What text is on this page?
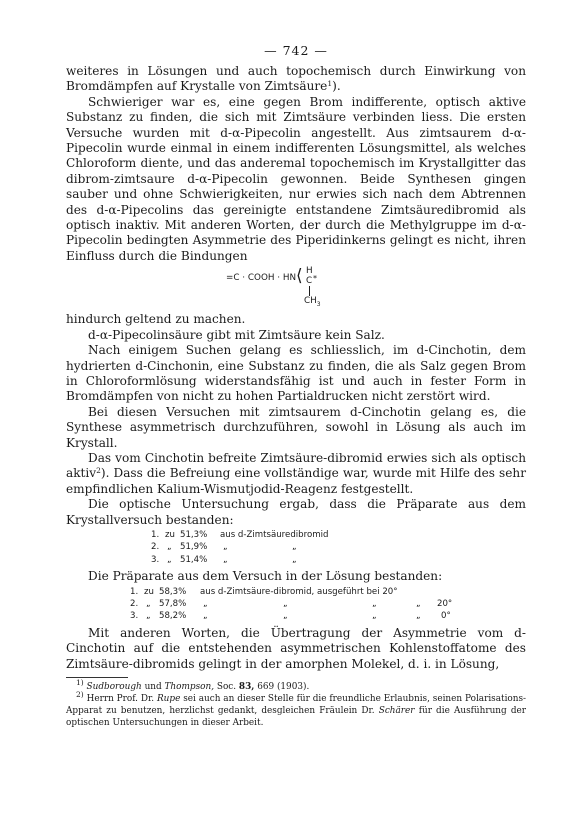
— 742 —

weiteres in Lösungen und auch topochemisch durch Einwirkung von Bromdämpfen auf Krystalle von Zimtsäure$^1$).

Schwieriger war es, eine gegen Brom indifferente, optisch aktive Substanz zu finden, die sich mit Zimtsäure verbinden liess. Die ersten Versuche wurden mit d-α-Pipecolin angestellt. Aus zimtsaurem d-α-Pipecolin wurde einmal in einem indifferenten Lösungsmittel, als welches Chloroform diente, und das anderemal topochemisch im Krystallgitter das dibrom-zimtsaure d-α-Pipecolin gewonnen. Beide Synthesen gingen sauber und ohne Schwierigkeiten, nur erwies sich nach dem Abtrennen des d-α-Pipecolins das gereinigte entstandene Zimtsäuredibromid als optisch inaktiv. Mit anderen Worten, der durch die Methylgruppe im d-α-Pipecolin bedingten Asymmetrie des Piperidinkerns gelingt es nicht, ihren Einfluss durch die Bindungen

=C · COOH · HN ⟨ H
C *
$CH_3$

hindurch geltend zu machen.

d-α-Pipecolinsäure gibt mit Zimtsäure kein Salz.

Nach einigem Suchen gelang es schliesslich, im d-Cinchotin, dem hydrierten d-Cinchonin, eine Substanz zu finden, die als Salz gegen Brom in Chloroformlösung widerstandsfähig ist und auch in fester Form in Bromdämpfen von nicht zu hohen Partialdrucken nicht zerstört wird.

Bei diesen Versuchen mit zimtsaurem d-Cinchotin gelang es, die Synthese asymmetrisch durchzuführen, sowohl in Lösung als auch im Krystall.

Das vom Cinchotin befreite Zimtsäure-dibromid erwies sich als optisch aktiv$^2$). Dass die Befreiung eine vollständige war, wurde mit Hilfe des sehr empfindlichen Kalium-Wismutjodid-Reagenz festgestellt.

Die optische Untersuchung ergab, dass die Präparate aus dem Krystallversuch bestanden:

1. zu 51,3% aus d-Zimtsäuredibromid
2. „ 51,9% „	„
3. „ 51,4% „	„

Die Präparate aus dem Versuch in der Lösung bestanden:

1. zu 58,3% aus d-Zimtsäure-dibromid, ausgeführt bei 20°
2. „ 57,8% „	„	„	„ 20°
3. „ 58,2% „	„	„	„ 0°

Mit anderen Worten, die Übertragung der Asymmetrie vom d-Cinchotin auf die entstehenden asymmetrischen Kohlenstoffatome des Zimtsäure-dibromids gelingt in der amorphen Molekel, d. i. in Lösung,

$^{1)}$ Sudborough und Thompson, Soc. 83, 669 (1903).

$^{2)}$ Herrn Prof. Dr. Rupe sei auch an dieser Stelle für die freundliche Erlaubnis, seinen Polarisations-Apparat zu benutzen, herzlichst gedankt, desgleichen Fräulein Dr. Schärer für die Ausführung der optischen Untersuchungen in dieser Arbeit.
